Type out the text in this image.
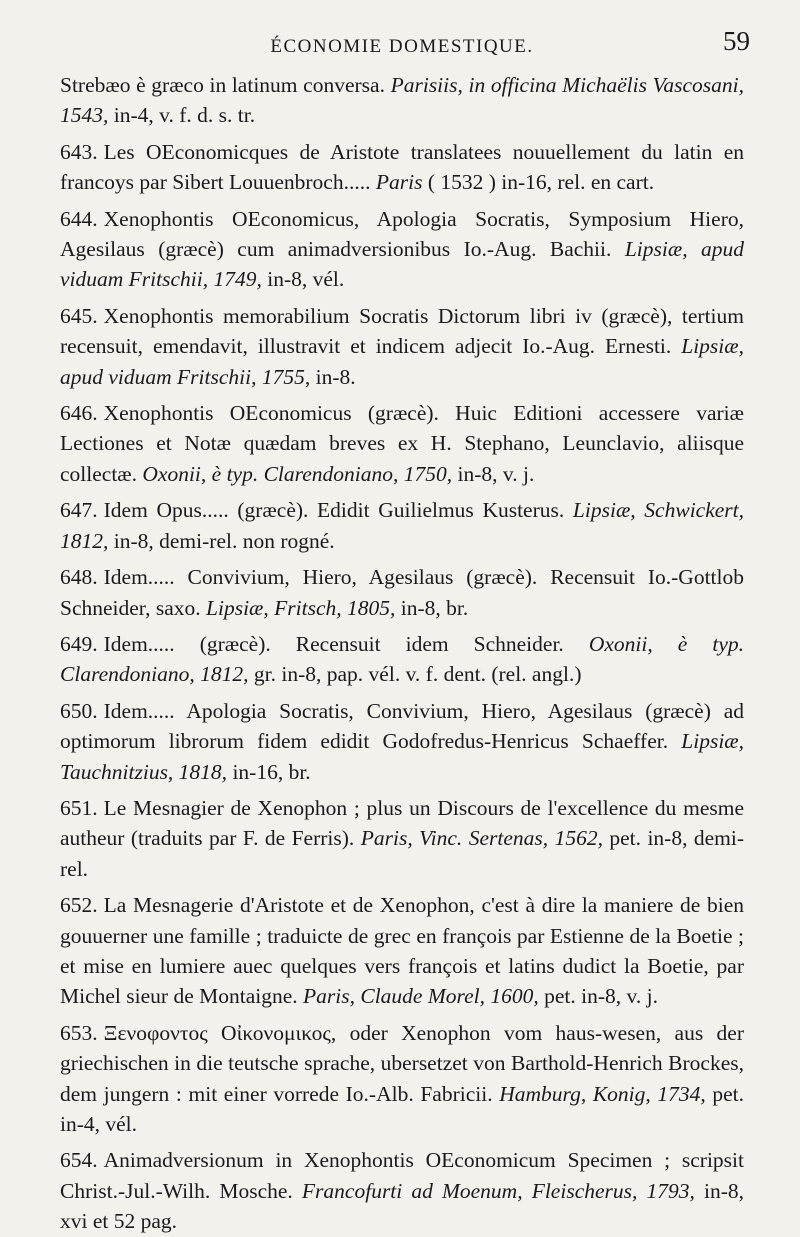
ÉCONOMIE DOMESTIQUE.	59

Strebæo è græco in latinum conversa. Parisiis, in officina Michaëlis Vascosani, 1543, in-4, v. f. d. s. tr.

643. Les OEconomicques de Aristote translatees nouuellement du latin en francoys par Sibert Louuenbroch..... Paris ( 1532 ) in-16, rel. en cart.

644. Xenophontis OEconomicus, Apologia Socratis, Symposium Hiero, Agesilaus (græcè) cum animadversionibus Io.-Aug. Bachii. Lipsiæ, apud viduam Fritschii, 1749, in-8, vél.

645. Xenophontis memorabilium Socratis Dictorum libri iv (græcè), tertium recensuit, emendavit, illustravit et indicem adjecit Io.-Aug. Ernesti. Lipsiæ, apud viduam Fritschii, 1755, in-8.

646. Xenophontis OEconomicus (græcè). Huic Editioni accessere variæ Lectiones et Notæ quædam breves ex H. Stephano, Leunclavio, aliisque collectæ. Oxonii, è typ. Clarendoniano, 1750, in-8, v. j.

647. Idem Opus..... (græcè). Edidit Guilielmus Kusterus. Lipsiæ, Schwickert, 1812, in-8, demi-rel. non rogné.

648. Idem..... Convivium, Hiero, Agesilaus (græcè). Recensuit Io.-Gottlob Schneider, saxo. Lipsiæ, Fritsch, 1805, in-8, br.

649. Idem..... (græcè). Recensuit idem Schneider. Oxonii, è typ. Clarendoniano, 1812, gr. in-8, pap. vél. v. f. dent. (rel. angl.)

650. Idem..... Apologia Socratis, Convivium, Hiero, Agesilaus (græcè) ad optimorum librorum fidem edidit Godofredus-Henricus Schaeffer. Lipsiæ, Tauchnitzius, 1818, in-16, br.

651. Le Mesnagier de Xenophon ; plus un Discours de l'excellence du mesme autheur (traduits par F. de Ferris). Paris, Vinc. Sertenas, 1562, pet. in-8, demi-rel.

652. La Mesnagerie d'Aristote et de Xenophon, c'est à dire la maniere de bien gouuerner une famille ; traduicte de grec en françois par Estienne de la Boetie ; et mise en lumiere auec quelques vers françois et latins dudict la Boetie, par Michel sieur de Montaigne. Paris, Claude Morel, 1600, pet. in-8, v. j.

653. Ξενοφοντος Οἰκονομικος, oder Xenophon vom haus-wesen, aus der griechischen in die teutsche sprache, ubersetzet von Barthold-Henrich Brockes, dem jungern : mit einer vorrede Io.-Alb. Fabricii. Hamburg, Konig, 1734, pet. in-4, vél.

654. Animadversionum in Xenophontis OEconomicum Specimen ; scripsit Christ.-Jul.-Wilh. Mosche. Francofurti ad Moenum, Fleischerus, 1793, in-8, xvi et 52 pag.
